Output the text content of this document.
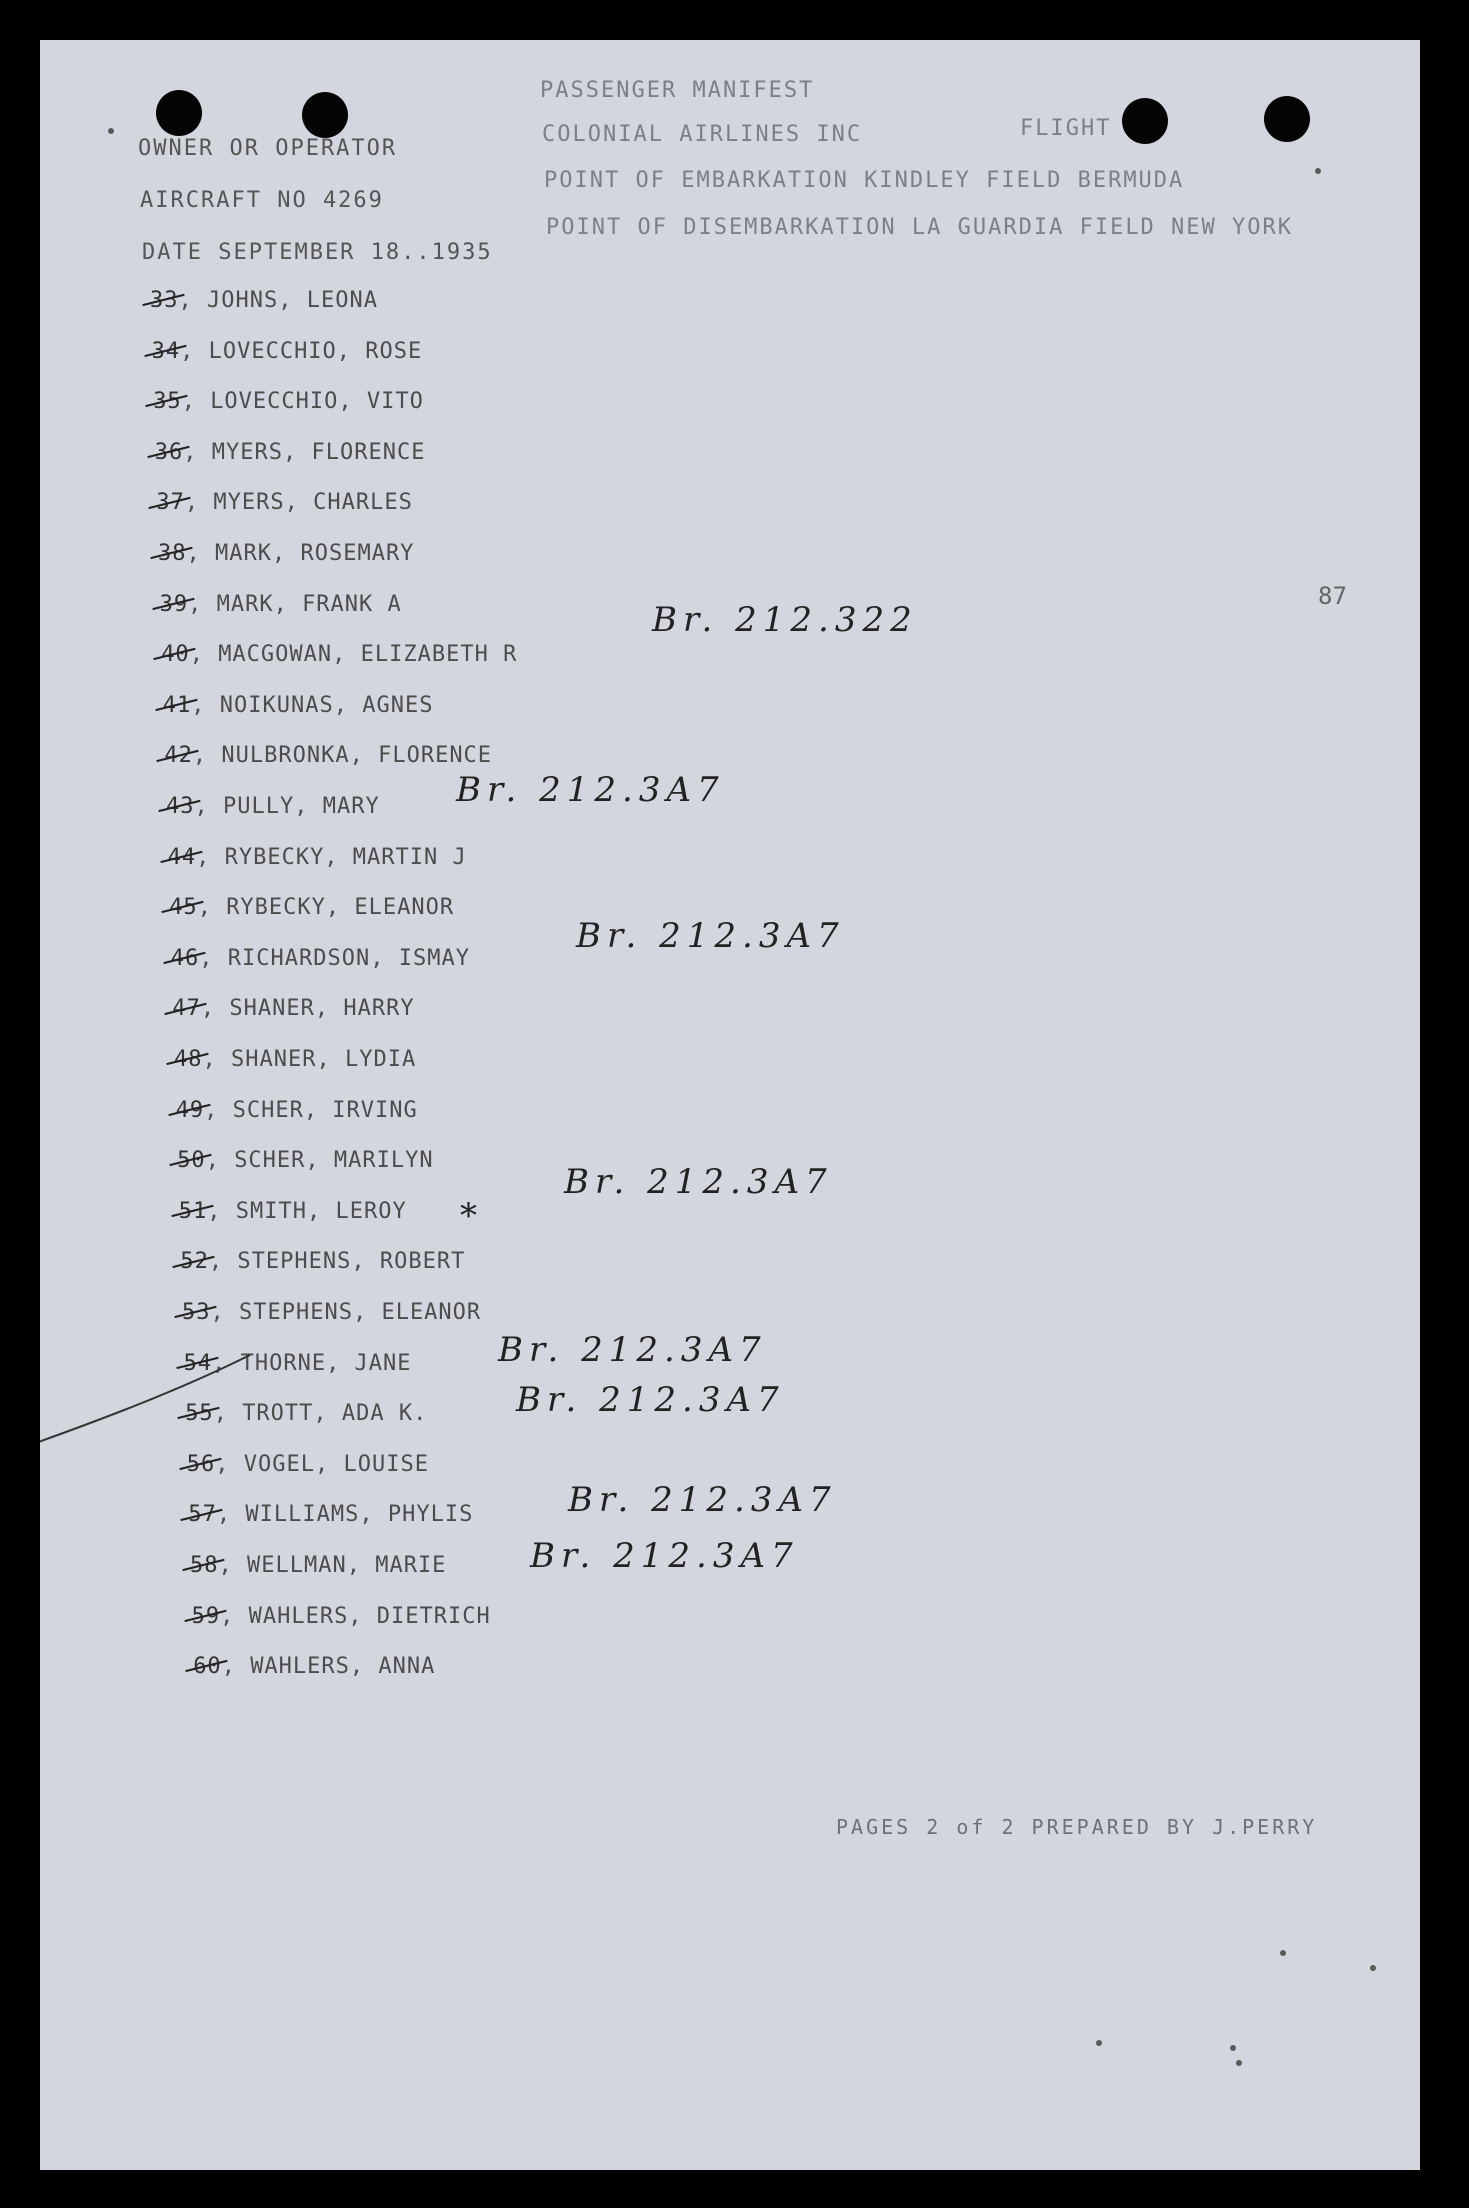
OWNER OR OPERATOR
AIRCRAFT NO 4269
DATE SEPTEMBER 18..1935
PASSENGER MANIFEST
COLONIAL AIRLINES INC	FLIGHT
POINT OF EMBARKATION KINDLEY FIELD BERMUDA
POINT OF DISEMBARKATION LA GUARDIA FIELD NEW YORK
33, JOHNS, LEONA
34, LOVECCHIO, ROSE
35, LOVECCHIO, VITO
36, MYERS, FLORENCE
37, MYERS, CHARLES
38, MARK, ROSEMARY
39, MARK, FRANK A
40, MACGOWAN, ELIZABETH R
41, NOIKUNAS, AGNES
42, NULBRONKA, FLORENCE
43, PULLY, MARY
44, RYBECKY, MARTIN J
45, RYBECKY, ELEANOR
46, RICHARDSON, ISMAY
47, SHANER, HARRY
48, SHANER, LYDIA
49, SCHER, IRVING
50, SCHER, MARILYN
51, SMITH, LEROY
52, STEPHENS, ROBERT
53, STEPHENS, ELEANOR
54, THORNE, JANE
55, TROTT, ADA K.
56, VOGEL, LOUISE
57, WILLIAMS, PHYLIS
58, WELLMAN, MARIE
59, WAHLERS, DIETRICH
60, WAHLERS, ANNA
Br. 212.322
Br. 212.3A7
Br. 212.3A7
Br. 212.3A7
*
Br. 212.3A7
Br. 212.3A7
Br. 212.3A7
Br. 212.3A7
87
PAGES 2 of 2 PREPARED BY J.PERRY
